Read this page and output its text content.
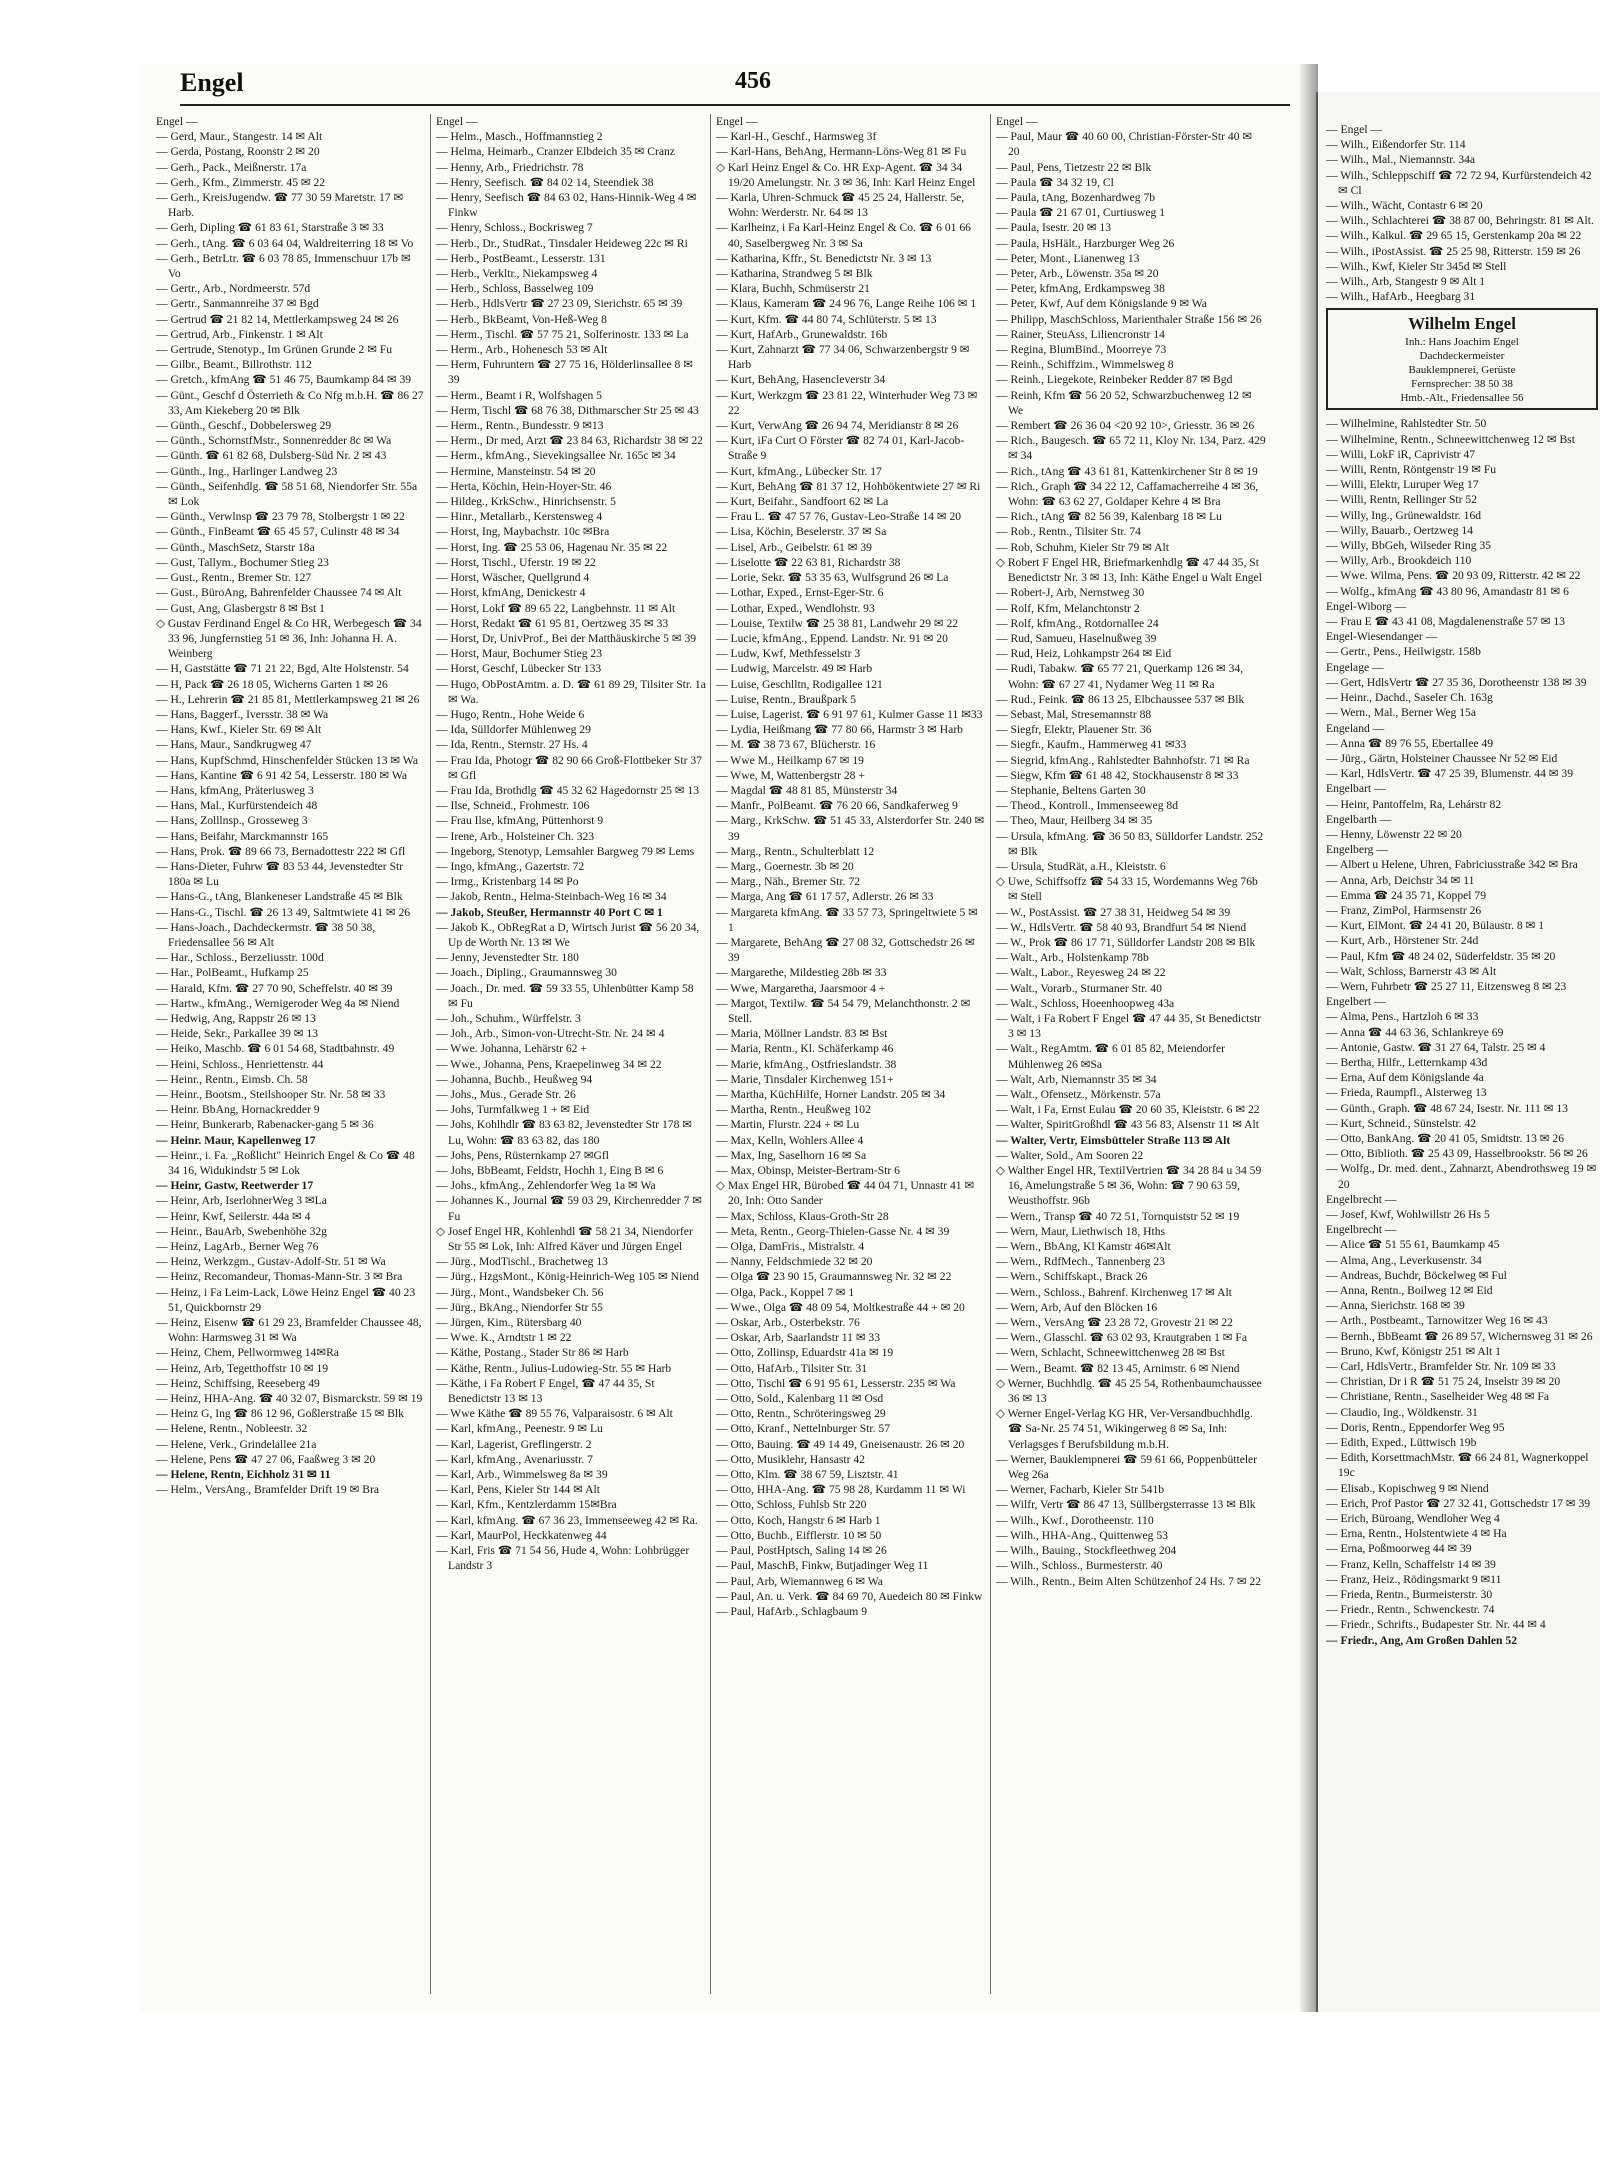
Engel	456

Engel —

— Gerd, Maur., Stangestr. 14 ✉ Alt

— Gerda, Postang, Roonstr 2 ✉ 20

— Gerh., Pack., Meißnerstr. 17a

— Gerh., Kfm., Zimmerstr. 45 ✉ 22

— Gerh., KreisJugendw. ☎ 77 30 59 Maretstr. 17 ✉ Harb.

— Gerh, Dipling ☎ 61 83 61, Starstraße 3 ✉ 33

— Gerh., tAng. ☎ 6 03 64 04, Waldreiterring 18 ✉ Vo

— Gerh., BetrLtr. ☎ 6 03 78 85, Immenschuur 17b ✉ Vo

— Gertr., Arb., Nordmeerstr. 57d

— Gertr., Sanmannreihe 37 ✉ Bgd

— Gertrud ☎ 21 82 14, Mettlerkampsweg 24 ✉ 26

— Gertrud, Arb., Finkenstr. 1 ✉ Alt

— Gertrude, Stenotyp., Im Grünen Grunde 2 ✉ Fu

— Gilbr., Beamt., Billrothstr. 112

— Gretch., kfmAng ☎ 51 46 75, Baumkamp 84 ✉ 39

— Günt., Geschf d Österrieth & Co Nfg m.b.H. ☎ 86 27 33, Am Kiekeberg 20 ✉ Blk

— Günth., Geschf., Dobbelersweg 29

— Günth., SchornstfMstr., Sonnenredder 8c ✉ Wa

— Günth. ☎ 61 82 68, Dulsberg-Süd Nr. 2 ✉ 43

— Günth., Ing., Harlinger Landweg 23

— Günth., Seifenhdlg. ☎ 58 51 68, Niendorfer Str. 55a ✉ Lok

— Günth., Verwlnsp ☎ 23 79 78, Stolbergstr 1 ✉ 22

— Günth., FinBeamt ☎ 65 45 57, Culinstr 48 ✉ 34

— Günth., MaschSetz, Starstr 18a

— Gust, Tallym., Bochumer Stieg 23

— Gust., Rentn., Bremer Str. 127

— Gust., BüroAng, Bahrenfelder Chaussee 74 ✉ Alt

— Gust, Ang, Glasbergstr 8 ✉ Bst 1

◇ Gustav Ferdinand Engel & Co HR, Werbegesch ☎ 34 33 96, Jungfernstieg 51 ✉ 36, Inh: Johanna H. A. Weinberg

— H, Gaststätte ☎ 71 21 22, Bgd, Alte Holstenstr. 54

— H, Pack ☎ 26 18 05, Wicherns Garten 1 ✉ 26

— H., Lehrerin ☎ 21 85 81, Mettlerkampsweg 21 ✉ 26

— Hans, Baggerf., Iversstr. 38 ✉ Wa

— Hans, Kwf., Kieler Str. 69 ✉ Alt

— Hans, Maur., Sandkrugweg 47

— Hans, KupfSchmd, Hinschenfelder Stücken 13 ✉ Wa

— Hans, Kantine ☎ 6 91 42 54, Lesserstr. 180 ✉ Wa

— Hans, kfmAng, Präteriusweg 3

— Hans, Mal., Kurfürstendeich 48

— Hans, Zolllnsp., Grosseweg 3

— Hans, Beifahr, Marckmannstr 165

— Hans, Prok. ☎ 89 66 73, Bernadottestr 222 ✉ Gfl

— Hans-Dieter, Fuhrw ☎ 83 53 44, Jevenstedter Str 180a ✉ Lu

— Hans-G., tAng, Blankeneser Landstraße 45 ✉ Blk

— Hans-G., Tischl. ☎ 26 13 49, Saltmtwiete 41 ✉ 26

— Hans-Joach., Dachdeckermstr. ☎ 38 50 38, Friedensallee 56 ✉ Alt

— Har., Schloss., Berzeliusstr. 100d

— Har., PolBeamt., Hufkamp 25

— Harald, Kfm. ☎ 27 70 90, Scheffelstr. 40 ✉ 39

— Hartw., kfmAng., Wernigeroder Weg 4a ✉ Niend

— Hedwig, Ang, Rappstr 26 ✉ 13

— Heide, Sekr., Parkallee 39 ✉ 13

— Heiko, Maschb. ☎ 6 01 54 68, Stadtbahnstr. 49

— Heini, Schloss., Henriettenstr. 44

— Heinr., Rentn., Eimsb. Ch. 58

— Heinr., Bootsm., Steilshooper Str. Nr. 58 ✉ 33

— Heinr. BbAng, Hornackredder 9

— Heinr, Bunkerarb, Rabenacker-gang 5 ✉ 36

— Heinr. Maur, Kapellenweg 17

— Heinr., i. Fa. „Roßlicht" Heinrich Engel & Co ☎ 48 34 16, Widukindstr 5 ✉ Lok

— Heinr, Gastw, Reetwerder 17

— Heinr, Arb, IserlohnerWeg 3 ✉La

— Heinr, Kwf, Seilerstr. 44a ✉ 4

— Heinr., BauArb, Swebenhöhe 32g

— Heinz, LagArb., Berner Weg 76

— Heinz, Werkzgm., Gustav-Adolf-Str. 51 ✉ Wa

— Heinz, Recomandeur, Thomas-Mann-Str. 3 ✉ Bra

— Heinz, i Fa Leim-Lack, Löwe Heinz Engel ☎ 40 23 51, Quickbornstr 29

— Heinz, Eisenw ☎ 61 29 23, Bramfelder Chaussee 48, Wohn: Harmsweg 31 ✉ Wa

— Heinz, Chem, Pellwormweg 14✉Ra

— Heinz, Arb, Tegetthoffstr 10 ✉ 19

— Heinz, Schiffsing, Reeseberg 49

— Heinz, HHA-Ang. ☎ 40 32 07, Bismarckstr. 59 ✉ 19

— Heinz G, Ing ☎ 86 12 96, Goßlerstraße 15 ✉ Blk

— Helene, Rentn., Nobleestr. 32

— Helene, Verk., Grindelallee 21a

— Helene, Pens ☎ 47 27 06, Faaßweg 3 ✉ 20

— Helene, Rentn, Eichholz 31 ✉ 11

— Helm., VersAng., Bramfelder Drift 19 ✉ Bra

Engel —

— Helm., Masch., Hoffmannstieg 2

— Helma, Heimarb., Cranzer Elbdeich 35 ✉ Cranz

— Henny, Arb., Friedrichstr. 78

— Henry, Seefisch. ☎ 84 02 14, Steendiek 38

— Henry, Seefisch ☎ 84 63 02, Hans-Hinnik-Weg 4 ✉ Finkw

— Henry, Schloss., Bockrisweg 7

— Herb., Dr., StudRat., Tinsdaler Heideweg 22c ✉ Ri

— Herb., PostBeamt., Lesserstr. 131

— Herb., Verkltr., Niekampsweg 4

— Herb., Schloss, Basselweg 109

— Herb., HdlsVertr ☎ 27 23 09, Sierichstr. 65 ✉ 39

— Herb., BkBeamt, Von-Heß-Weg 8

— Herm., Tischl. ☎ 57 75 21, Solferinostr. 133 ✉ La

— Herm., Arb., Hohenesch 53 ✉ Alt

— Herm, Fuhruntern ☎ 27 75 16, Hölderlinsallee 8 ✉ 39

— Herm., Beamt i R, Wolfshagen 5

— Herm, Tischl ☎ 68 76 38, Dithmarscher Str 25 ✉ 43

— Herm., Rentn., Bundesstr. 9 ✉13

— Herm., Dr med, Arzt ☎ 23 84 63, Richardstr 38 ✉ 22

— Herm., kfmAng., Sievekingsallee Nr. 165c ✉ 34

— Hermine, Mansteinstr. 54 ✉ 20

— Herta, Köchin, Hein-Hoyer-Str. 46

— Hildeg., KrkSchw., Hinrichsenstr. 5

— Hinr., Metallarb., Kerstensweg 4

— Horst, Ing, Maybachstr. 10c ✉Bra

— Horst, Ing. ☎ 25 53 06, Hagenau Nr. 35 ✉ 22

— Horst, Tischl., Uferstr. 19 ✉ 22

— Horst, Wäscher, Quellgrund 4

— Horst, kfmAng, Denickestr 4

— Horst, Lokf ☎ 89 65 22, Langbehnstr. 11 ✉ Alt

— Horst, Redakt ☎ 61 95 81, Oertzweg 35 ✉ 33

— Horst, Dr, UnivProf., Bei der Matthäuskirche 5 ✉ 39

— Horst, Maur, Bochumer Stieg 23

— Horst, Geschf, Lübecker Str 133

— Hugo, ObPostAmtm. a. D. ☎ 61 89 29, Tilsiter Str. 1a ✉ Wa.

— Hugo, Rentn., Hohe Weide 6

— Ida, Sülldorfer Mühlenweg 29

— Ida, Rentn., Sternstr. 27 Hs. 4

— Frau Ida, Photogr ☎ 82 90 66 Groß-Flottbeker Str 37 ✉ Gfl

— Frau Ida, Brothdlg ☎ 45 32 62 Hagedornstr 25 ✉ 13

— Ilse, Schneid., Frohmestr. 106

— Frau Ilse, kfmAng, Püttenhorst 9

— Irene, Arb., Holsteiner Ch. 323

— Ingeborg, Stenotyp, Lemsahler Bargweg 79 ✉ Lems

— Ingo, kfmAng., Gazertstr. 72

— Irmg., Kristenbarg 14 ✉ Po

— Jakob, Rentn., Helma-Steinbach-Weg 16 ✉ 34

— Jakob, Steußer, Hermannstr 40 Port C ✉ 1

— Jakob K., ObRegRat a D, Wirtsch Jurist ☎ 56 20 34, Up de Worth Nr. 13 ✉ We

— Jenny, Jevenstedter Str. 180

— Joach., Dipling., Graumannsweg 30

— Joach., Dr. med. ☎ 59 33 55, Uhlenbütter Kamp 58 ✉ Fu

— Joh., Schuhm., Würffelstr. 3

— Joh., Arb., Simon-von-Utrecht-Str. Nr. 24 ✉ 4

— Wwe. Johanna, Lehärstr 62 +

— Wwe., Johanna, Pens, Kraepelinweg 34 ✉ 22

— Johanna, Buchb., Heußweg 94

— Johs., Mus., Gerade Str. 26

— Johs, Turmfalkweg 1 + ✉ Eid

— Johs, Kohlhdlr ☎ 83 63 82, Jevenstedter Str 178 ✉ Lu, Wohn: ☎ 83 63 82, das 180

— Johs, Pens, Rüsternkamp 27 ✉Gfl

— Johs, BbBeamt, Feldstr, Hochh 1, Eing B ✉ 6

— Johs., kfmAng., Zehlendorfer Weg 1a ✉ Wa

— Johannes K., Journal ☎ 59 03 29, Kirchenredder 7 ✉ Fu

◇ Josef Engel HR, Kohlenhdl ☎ 58 21 34, Niendorfer Str 55 ✉ Lok, Inh: Alfred Käver und Jürgen Engel

— Jürg., ModTischl., Brachetweg 13

— Jürg., HzgsMont., König-Heinrich-Weg 105 ✉ Niend

— Jürg., Mont., Wandsbeker Ch. 56

— Jürg., BkAng., Niendorfer Str 55

— Jürgen, Kim., Rütersbarg 40

— Wwe. K., Arndtstr 1 ✉ 22

— Käthe, Postang., Stader Str 86 ✉ Harb

— Käthe, Rentn., Julius-Ludowieg-Str. 55 ✉ Harb

— Käthe, i Fa Robert F Engel, ☎ 47 44 35, St Benedictstr 13 ✉ 13

— Wwe Käthe ☎ 89 55 76, Valparaisostr. 6 ✉ Alt

— Karl, kfmAng., Peenestr. 9 ✉ Lu

— Karl, Lagerist, Greflingerstr. 2

— Karl, kfmAng., Avenariusstr. 7

— Karl, Arb., Wimmelsweg 8a ✉ 39

— Karl, Pens, Kieler Str 144 ✉ Alt

— Karl, Kfm., Kentzlerdamm 15✉Bra

— Karl, kfmAng. ☎ 67 36 23, Immenseeweg 42 ✉ Ra.

— Karl, MaurPol, Heckkatenweg 44

— Karl, Fris ☎ 71 54 56, Hude 4, Wohn: Lohbrügger Landstr 3

Engel —

— Karl-H., Geschf., Harmsweg 3f

— Karl-Hans, BehAng, Hermann-Löns-Weg 81 ✉ Fu

◇ Karl Heinz Engel & Co. HR Exp-Agent. ☎ 34 34 19/20 Amelungstr. Nr. 3 ✉ 36, Inh: Karl Heinz Engel

— Karla, Uhren-Schmuck ☎ 45 25 24, Hallerstr. 5e, Wohn: Werderstr. Nr. 64 ✉ 13

— Karlheinz, i Fa Karl-Heinz Engel & Co. ☎ 6 01 66 40, Saselbergweg Nr. 3 ✉ Sa

— Katharina, Kffr., St. Benedictstr Nr. 3 ✉ 13

— Katharina, Strandweg 5 ✉ Blk

— Klara, Buchh, Schmüserstr 21

— Klaus, Kameram ☎ 24 96 76, Lange Reihe 106 ✉ 1

— Kurt, Kfm. ☎ 44 80 74, Schlüterstr. 5 ✉ 13

— Kurt, HafArb., Grunewaldstr. 16b

— Kurt, Zahnarzt ☎ 77 34 06, Schwarzenbergstr 9 ✉ Harb

— Kurt, BehAng, Hasencleverstr 34

— Kurt, Werkzgm ☎ 23 81 22, Winterhuder Weg 73 ✉ 22

— Kurt, VerwAng ☎ 26 94 74, Meridianstr 8 ✉ 26

— Kurt, iFa Curt O Förster ☎ 82 74 01, Karl-Jacob-Straße 9

— Kurt, kfmAng., Lübecker Str. 17

— Kurt, BehAng ☎ 81 37 12, Hohbökentwiete 27 ✉ Ri

— Kurt, Beifahr., Sandfoort 62 ✉ La

— Frau L. ☎ 47 57 76, Gustav-Leo-Straße 14 ✉ 20

— Lisa, Köchin, Beselerstr. 37 ✉ Sa

— Lisel, Arb., Geibelstr. 61 ✉ 39

— Liselotte ☎ 22 63 81, Richardstr 38

— Lorie, Sekr. ☎ 53 35 63, Wulfsgrund 26 ✉ La

— Lothar, Exped., Ernst-Eger-Str. 6

— Lothar, Exped., Wendlohstr. 93

— Louise, Textilw ☎ 25 38 81, Landwehr 29 ✉ 22

— Lucie, kfmAng., Eppend. Landstr. Nr. 91 ✉ 20

— Ludw, Kwf, Methfesselstr 3

— Ludwig, Marcelstr. 49 ✉ Harb

— Luise, Geschlltn, Rodigallee 121

— Luise, Rentn., Braußpark 5

— Luise, Lagerist. ☎ 6 91 97 61, Kulmer Gasse 11 ✉33

— Lydia, Heißmang ☎ 77 80 66, Harmstr 3 ✉ Harb

— M. ☎ 38 73 67, Blücherstr. 16

— Wwe M., Heilkamp 67 ✉ 19

— Wwe, M, Wattenbergstr 28 +

— Magdal ☎ 48 81 85, Münsterstr 34

— Manfr., PolBeamt. ☎ 76 20 66, Sandkaferweg 9

— Marg., KrkSchw. ☎ 51 45 33, Alsterdorfer Str. 240 ✉ 39

— Marg., Rentn., Schulterblatt 12

— Marg., Goernestr. 3b ✉ 20

— Marg., Näh., Bremer Str. 72

— Marga, Ang ☎ 61 17 57, Adlerstr. 26 ✉ 33

— Margareta kfmAng. ☎ 33 57 73, Springeltwiete 5 ✉ 1

— Margarete, BehAng ☎ 27 08 32, Gottschedstr 26 ✉ 39

— Margarethe, Mildestieg 28b ✉ 33

— Wwe, Margaretha, Jaarsmoor 4 +

— Margot, Textilw. ☎ 54 54 79, Melanchthonstr. 2 ✉ Stell.

— Maria, Möllner Landstr. 83 ✉ Bst

— Maria, Rentn., Kl. Schäferkamp 46

— Marie, kfmAng., Ostfrieslandstr. 38

— Marie, Tinsdaler Kirchenweg 151+

— Martha, KüchHilfe, Horner Landstr. 205 ✉ 34

— Martha, Rentn., Heußweg 102

— Martin, Flurstr. 224 + ✉ Lu

— Max, Kelln, Wohlers Allee 4

— Max, Ing, Saselhorn 16 ✉ Sa

— Max, Obinsp, Meister-Bertram-Str 6

◇ Max Engel HR, Bürobed ☎ 44 04 71, Unnastr 41 ✉ 20, Inh: Otto Sander

— Max, Schloss, Klaus-Groth-Str 28

— Meta, Rentn., Georg-Thielen-Gasse Nr. 4 ✉ 39

— Olga, DamFris., Mistralstr. 4

— Nanny, Feldschmiede 32 ✉ 20

— Olga ☎ 23 90 15, Graumannsweg Nr. 32 ✉ 22

— Olga, Pack., Koppel 7 ✉ 1

— Wwe., Olga ☎ 48 09 54, Moltkestraße 44 + ✉ 20

— Oskar, Arb., Osterbekstr. 76

— Oskar, Arb, Saarlandstr 11 ✉ 33

— Otto, Zollinsp, Eduardstr 41a ✉ 19

— Otto, HafArb., Tilsiter Str. 31

— Otto, Tischl ☎ 6 91 95 61, Lesserstr. 235 ✉ Wa

— Otto, Sold., Kalenbarg 11 ✉ Osd

— Otto, Rentn., Schröteringsweg 29

— Otto, Kranf., Nettelnburger Str. 57

— Otto, Bauing. ☎ 49 14 49, Gneisenaustr. 26 ✉ 20

— Otto, Musiklehr, Hansastr 42

— Otto, Klm. ☎ 38 67 59, Lisztstr. 41

— Otto, HHA-Ang. ☎ 75 98 28, Kurdamm 11 ✉ Wi

— Otto, Schloss, Fuhlsb Str 220

— Otto, Koch, Hangstr 6 ✉ Harb 1

— Otto, Buchb., Eifflerstr. 10 ✉ 50

— Paul, PostHptsch, Saling 14 ✉ 26

— Paul, MaschB, Finkw, Butjadinger Weg 11

— Paul, Arb, Wiemannweg 6 ✉ Wa

— Paul, An. u. Verk. ☎ 84 69 70, Auedeich 80 ✉ Finkw

— Paul, HafArb., Schlagbaum 9

Engel —

— Paul, Maur ☎ 40 60 00, Christian-Förster-Str 40 ✉ 20

— Paul, Pens, Tietzestr 22 ✉ Blk

— Paula ☎ 34 32 19, Cl

— Paula, tAng, Bozenhardweg 7b

— Paula ☎ 21 67 01, Curtiusweg 1

— Paula, Isestr. 20 ✉ 13

— Paula, HsHält., Harzburger Weg 26

— Peter, Mont., Lianenweg 13

— Peter, Arb., Löwenstr. 35a ✉ 20

— Peter, kfmAng, Erdkampsweg 38

— Peter, Kwf, Auf dem Königslande 9 ✉ Wa

— Philipp, MaschSchloss, Marienthaler Straße 156 ✉ 26

— Rainer, SteuAss, Liliencronstr 14

— Regina, BlumBind., Moorreye 73

— Reinh., Schiffzim., Wimmelsweg 8

— Reinh., Liegekote, Reinbeker Redder 87 ✉ Bgd

— Reinh, Kfm ☎ 56 20 52, Schwarzbuchenweg 12 ✉ We

— Rembert ☎ 26 36 04 <20 92 10>, Griesstr. 36 ✉ 26

— Rich., Baugesch. ☎ 65 72 11, Kloy Nr. 134, Parz. 429 ✉ 34

— Rich., tAng ☎ 43 61 81, Kattenkirchener Str 8 ✉ 19

— Rich., Graph ☎ 34 22 12, Caffamacherreihe 4 ✉ 36, Wohn: ☎ 63 62 27, Goldaper Kehre 4 ✉ Bra

— Rich., tAng ☎ 82 56 39, Kalenbarg 18 ✉ Lu

— Rob., Rentn., Tilsiter Str. 74

— Rob, Schuhm, Kieler Str 79 ✉ Alt

◇ Robert F Engel HR, Briefmarkenhdlg ☎ 47 44 35, St Benedictstr Nr. 3 ✉ 13, Inh: Käthe Engel u Walt Engel

— Robert-J, Arb, Nernstweg 30

— Rolf, Kfm, Melanchtonstr 2

— Rolf, kfmAng., Rotdornallee 24

— Rud, Samueu, Haselnußweg 39

— Rud, Heiz, Lohkampstr 264 ✉ Eid

— Rudi, Tabakw. ☎ 65 77 21, Querkamp 126 ✉ 34, Wohn: ☎ 67 27 41, Nydamer Weg 11 ✉ Ra

— Rud., Feink. ☎ 86 13 25, Elbchaussee 537 ✉ Blk

— Sebast, Mal, Stresemannstr 88

— Siegfr, Elektr, Plauener Str. 36

— Siegfr., Kaufm., Hammerweg 41 ✉33

— Siegrid, kfmAng., Rahlstedter Bahnhofstr. 71 ✉ Ra

— Siegw, Kfm ☎ 61 48 42, Stockhausenstr 8 ✉ 33

— Stephanie, Beltens Garten 30

— Theod., Kontroll., Immenseeweg 8d

— Theo, Maur, Heilberg 34 ✉ 35

— Ursula, kfmAng. ☎ 36 50 83, Sülldorfer Landstr. 252 ✉ Blk

— Ursula, StudRät, a.H., Kleiststr. 6

◇ Uwe, Schiffsoffz ☎ 54 33 15, Wordemanns Weg 76b ✉ Stell

— W., PostAssist. ☎ 27 38 31, Heidweg 54 ✉ 39

— W., HdlsVertr. ☎ 58 40 93, Brandfurt 54 ✉ Niend

— W., Prok ☎ 86 17 71, Sülldorfer Landstr 208 ✉ Blk

— Walt., Arb., Holstenkamp 78b

— Walt., Labor., Reyesweg 24 ✉ 22

— Walt., Vorarb., Sturmaner Str. 40

— Walt., Schloss, Hoeenhoopweg 43a

— Walt, i Fa Robert F Engel ☎ 47 44 35, St Benedictstr 3 ✉ 13

— Walt., RegAmtm. ☎ 6 01 85 82, Meiendorfer Mühlenweg 26 ✉Sa

— Walt, Arb, Niemannstr 35 ✉ 34

— Walt., Ofensetz., Mörkenstr. 57a

— Walt, i Fa, Ernst Eulau ☎ 20 60 35, Kleiststr. 6 ✉ 22

— Walter, SpiritGroßhdl ☎ 43 56 83, Alsenstr 11 ✉ Alt

— Walter, Vertr, Eimsbütteler Straße 113 ✉ Alt

— Walter, Sold., Am Sooren 22

◇ Walther Engel HR, TextilVertrien ☎ 34 28 84 u 34 59 16, Amelungstraße 5 ✉ 36, Wohn: ☎ 7 90 63 59, Weusthoffstr. 96b

— Wern., Transp ☎ 40 72 51, Tornquiststr 52 ✉ 19

— Wern, Maur, Liethwisch 18, Hths

— Wern., BbAng, Kl Kamstr 46✉Alt

— Wern., RdfMech., Tannenberg 23

— Wern., Schiffskapt., Brack 26

— Wern., Schloss., Bahrenf. Kirchenweg 17 ✉ Alt

— Wern, Arb, Auf den Blöcken 16

— Wern., VersAng ☎ 23 28 72, Grovestr 21 ✉ 22

— Wern., Glasschl. ☎ 63 02 93, Krautgraben 1 ✉ Fa

— Wern, Schlacht, Schneewittchenweg 28 ✉ Bst

— Wern., Beamt. ☎ 82 13 45, Arnimstr. 6 ✉ Niend

◇ Werner, Buchhdlg. ☎ 45 25 54, Rothenbaumchaussee 36 ✉ 13

◇ Werner Engel-Verlag KG HR, Ver-Versandbuchhdlg. ☎ Sa-Nr. 25 74 51, Wikingerweg 8 ✉ Sa, Inh: Verlagsges f Berufsbildung m.b.H.

— Werner, Bauklempnerei ☎ 59 61 66, Poppenbütteler Weg 26a

— Werner, Facharb, Kieler Str 541b

— Wilfr, Vertr ☎ 86 47 13, Süllbergsterrasse 13 ✉ Blk

— Wilh., Kwf., Dorotheenstr. 110

— Wilh., HHA-Ang., Quittenweg 53

— Wilh., Bauing., Stockfleethweg 204

— Wilh., Schloss., Burmesterstr. 40

— Wilh., Rentn., Beim Alten Schützenhof 24 Hs. 7 ✉ 22

— Engel —

— Wilh., Eißendorfer Str. 114

— Wilh., Mal., Niemannstr. 34a

— Wilh., Schleppschiff ☎ 72 72 94, Kurfürstendeich 42 ✉ Cl

— Wilh., Wächt, Contastr 6 ✉ 20

— Wilh., Schlachterei ☎ 38 87 00, Behringstr. 81 ✉ Alt.

— Wilh., Kalkul. ☎ 29 65 15, Gerstenkamp 20a ✉ 22

— Wilh., iPostAssist. ☎ 25 25 98, Ritterstr. 159 ✉ 26

— Wilh., Kwf, Kieler Str 345d ✉ Stell

— Wilh., Arb, Stangestr 9 ✉ Alt 1

— Wilh., HafArb., Heegbarg 31

Wilhelm Engel
Inh.: Hans Joachim Engel
Dachdeckermeister
Bauklempnerei, Gerüste
Fernsprecher: 38 50 38
Hmb.-Alt., Friedensallee 56

— Wilhelmine, Rahlstedter Str. 50

— Wilhelmine, Rentn., Schneewittchenweg 12 ✉ Bst

— Willi, LokF iR, Caprivistr 47

— Willi, Rentn, Röntgenstr 19 ✉ Fu

— Willi, Elektr, Luruper Weg 17

— Willi, Rentn, Rellinger Str 52

— Willy, Ing., Grünewaldstr. 16d

— Willy, Bauarb., Oertzweg 14

— Willy, BbGeh, Wilseder Ring 35

— Willy, Arb., Brookdeich 110

— Wwe. Wilma, Pens. ☎ 20 93 09, Ritterstr. 42 ✉ 22

— Wolfg., kfmAng ☎ 43 80 96, Amandastr 81 ✉ 6

Engel-Wiborg —

— Frau E ☎ 43 41 08, Magdalenenstraße 57 ✉ 13

Engel-Wiesendanger —

— Gertr., Pens., Heilwigstr. 158b

Engelage —

— Gert, HdlsVertr ☎ 27 35 36, Dorotheenstr 138 ✉ 39

— Heinr., Dachd., Saseler Ch. 163g

— Wern., Mal., Berner Weg 15a

Engeland —

— Anna ☎ 89 76 55, Ebertallee 49

— Jürg., Gärtn, Holsteiner Chaussee Nr 52 ✉ Eid

— Karl, HdlsVertr. ☎ 47 25 39, Blumenstr. 44 ✉ 39

Engelbart —

— Heinr, Pantoffelm, Ra, Lehárstr 82

Engelbarth —

— Henny, Löwenstr 22 ✉ 20

Engelberg —

— Albert u Helene, Uhren, Fabriciusstraße 342 ✉ Bra

— Anna, Arb, Deichstr 34 ✉ 11

— Emma ☎ 24 35 71, Koppel 79

— Franz, ZimPol, Harmsenstr 26

— Kurt, ElMont. ☎ 24 41 20, Bülaustr. 8 ✉ 1

— Kurt, Arb., Hörstener Str. 24d

— Paul, Kfm ☎ 48 24 02, Süderfeldstr. 35 ✉ 20

— Walt, Schloss, Barnerstr 43 ✉ Alt

— Wern, Fuhrbetr ☎ 25 27 11, Eitzensweg 8 ✉ 23

Engelbert —

— Alma, Pens., Hartzloh 6 ✉ 33

— Anna ☎ 44 63 36, Schlankreye 69

— Antonie, Gastw. ☎ 31 27 64, Talstr. 25 ✉ 4

— Bertha, Hilfr., Letternkamp 43d

— Erna, Auf dem Königslande 4a

— Frieda, Raumpfl., Alsterweg 13

— Günth., Graph. ☎ 48 67 24, Isestr. Nr. 111 ✉ 13

— Kurt, Schneid., Sünstelstr. 42

— Otto, BankAng. ☎ 20 41 05, Smidtstr. 13 ✉ 26

— Otto, Biblioth. ☎ 25 43 09, Hasselbrookstr. 56 ✉ 26

— Wolfg., Dr. med. dent., Zahnarzt, Abendrothsweg 19 ✉ 20

Engelbrecht —

— Josef, Kwf, Wohlwillstr 26 Hs 5

Engelbrecht —

— Alice ☎ 51 55 61, Baumkamp 45

— Alma, Ang., Leverkusenstr. 34

— Andreas, Buchdr, Böckelweg ✉ Ful

— Anna, Rentn., Boilweg 12 ✉ Eid

— Anna, Sierichstr. 168 ✉ 39

— Arth., Postbeamt., Tarnowitzer Weg 16 ✉ 43

— Bernh., BbBeamt ☎ 26 89 57, Wichernsweg 31 ✉ 26

— Bruno, Kwf, Königstr 251 ✉ Alt 1

— Carl, HdlsVertr., Bramfelder Str. Nr. 109 ✉ 33

— Christian, Dr i R ☎ 51 75 24, Inselstr 39 ✉ 20

— Christiane, Rentn., Saselheider Weg 48 ✉ Fa

— Claudio, Ing., Wöldkenstr. 31

— Doris, Rentn., Eppendorfer Weg 95

— Edith, Exped., Lüttwisch 19b

— Edith, KorsettmachMstr. ☎ 66 24 81, Wagnerkoppel 19c

— Elisab., Kopischweg 9 ✉ Niend

— Erich, Prof Pastor ☎ 27 32 41, Gottschedstr 17 ✉ 39

— Erich, Büroang, Wendloher Weg 4

— Erna, Rentn., Holstentwiete 4 ✉ Ha

— Erna, Poßmoorweg 44 ✉ 39

— Franz, Kelln, Schaffelstr 14 ✉ 39

— Franz, Heiz., Rödingsmarkt 9 ✉11

— Frieda, Rentn., Burmeisterstr. 30

— Friedr., Rentn., Schwenckestr. 74

— Friedr., Schrifts., Budapester Str. Nr. 44 ✉ 4

— Friedr., Ang, Am Großen Dahlen 52
